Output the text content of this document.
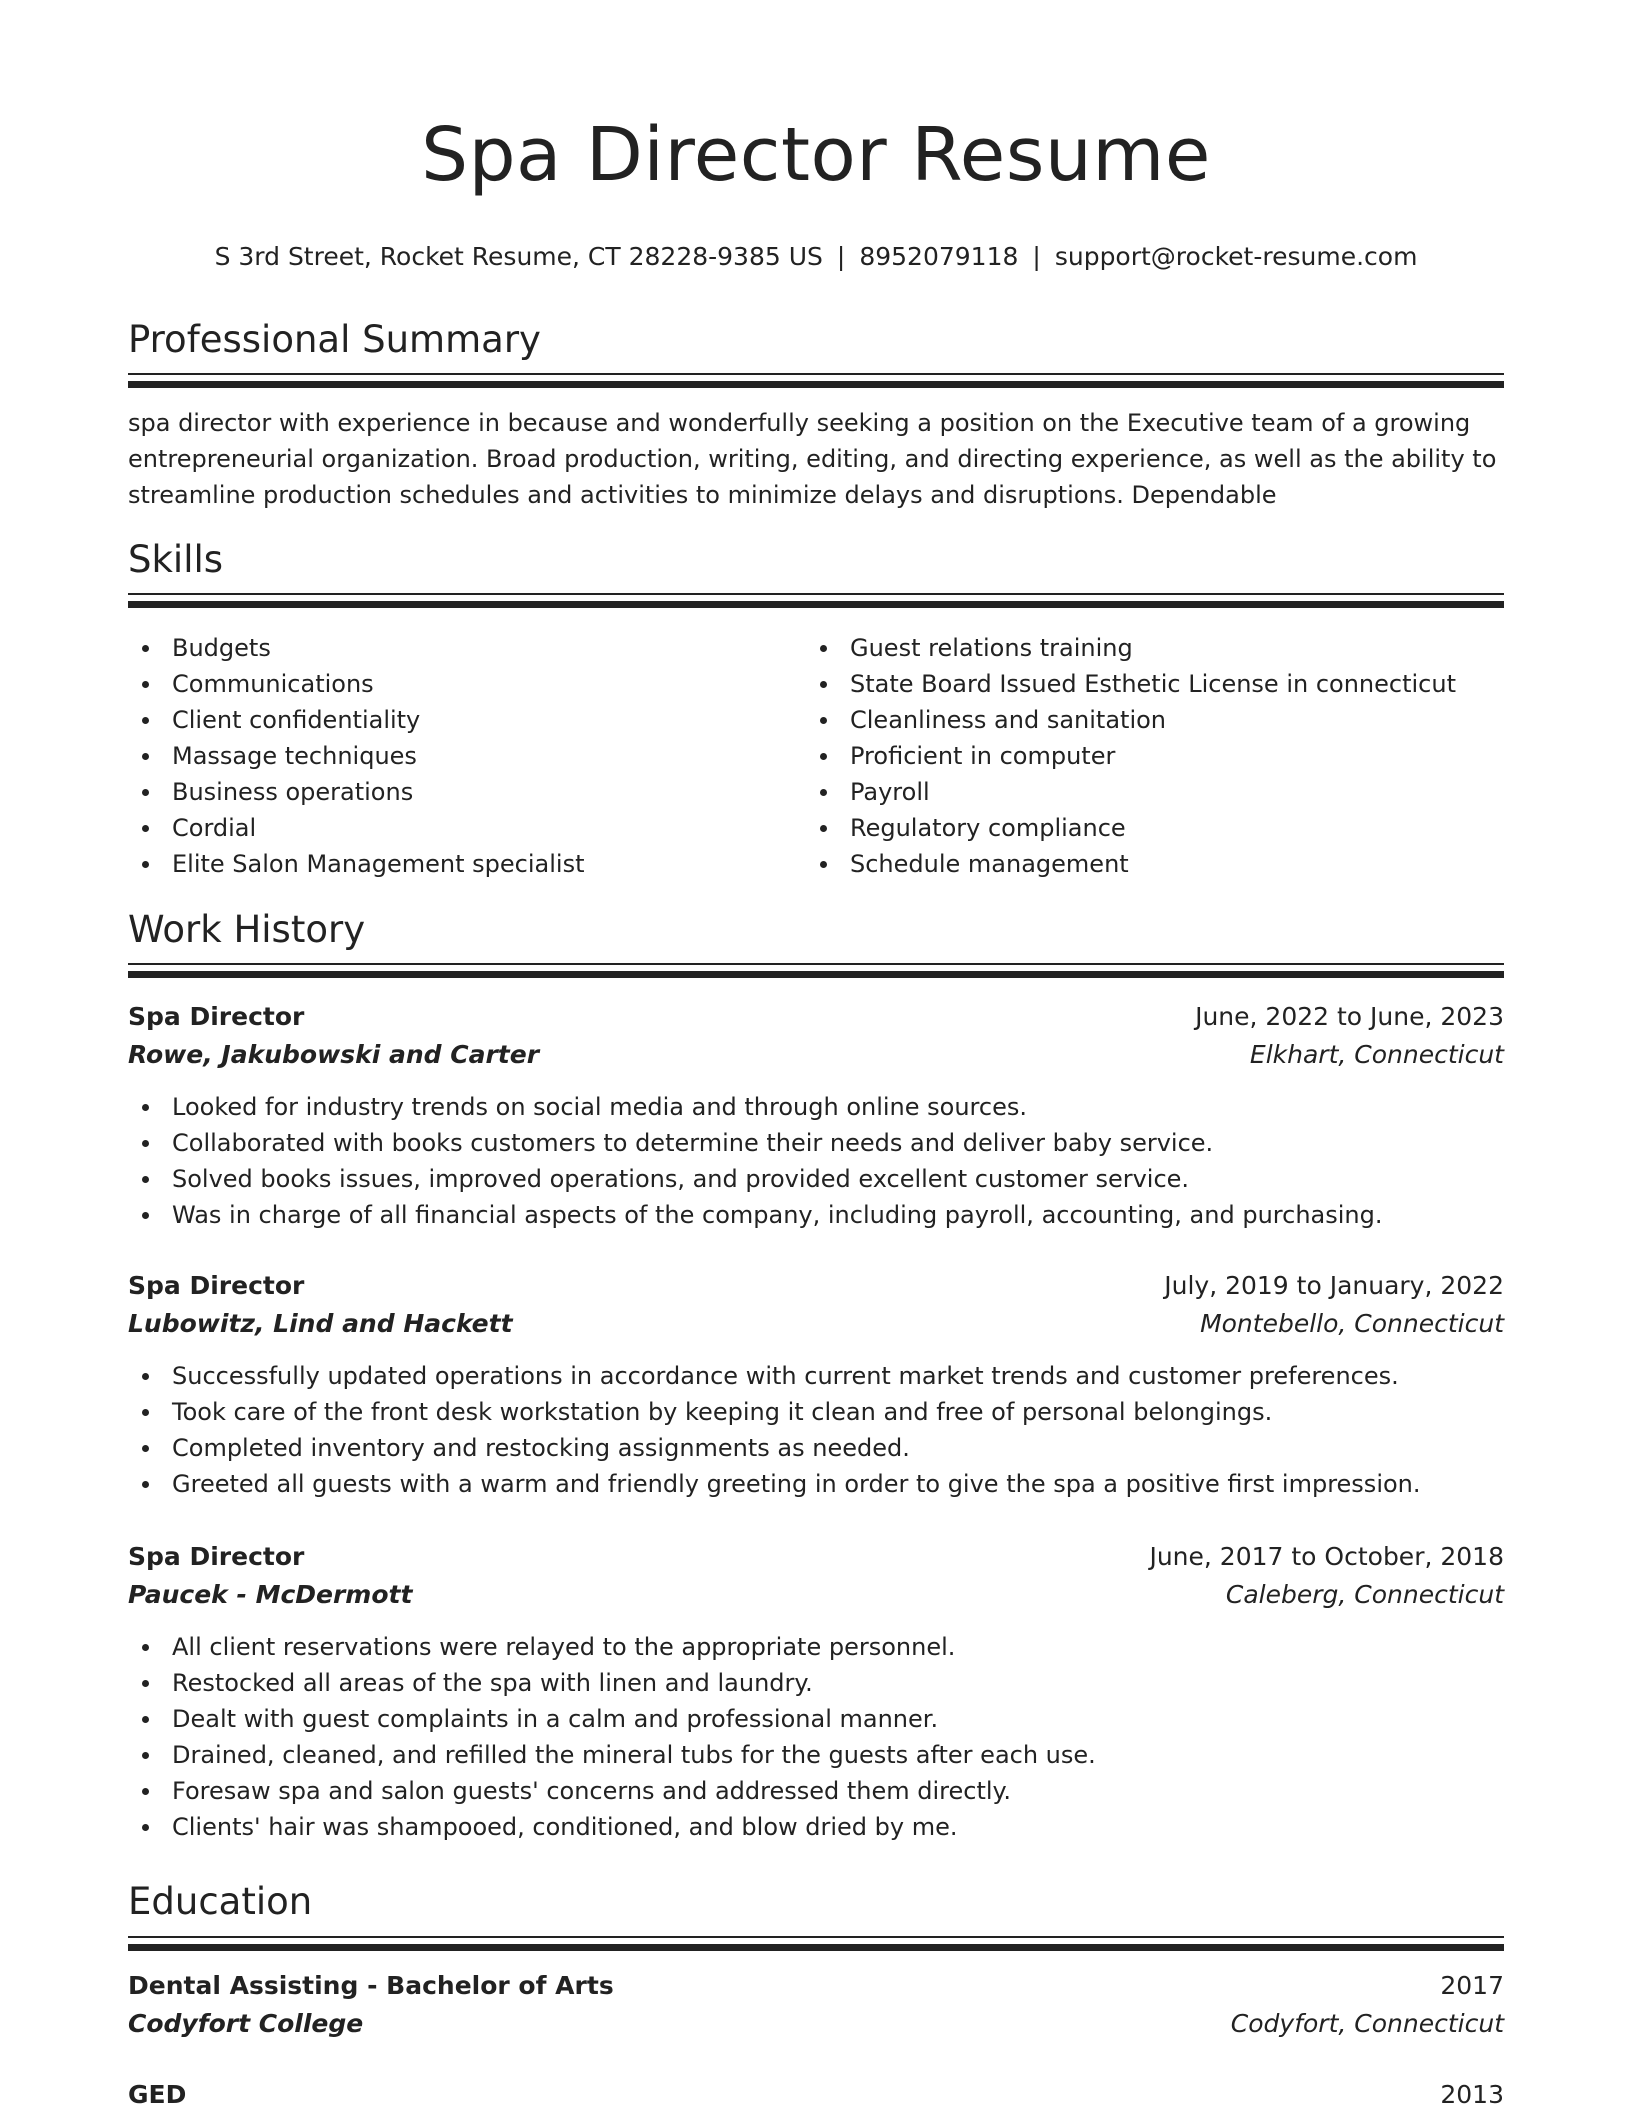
Spa Director Resume
S 3rd Street, Rocket Resume, CT 28228-9385 US | 8952079118 | support@rocket-resume.com
Professional Summary

spa director with experience in because and wonderfully seeking a position on the Executive team of a growing entrepreneurial organization. Broad production, writing, editing, and directing experience, as well as the ability to streamline production schedules and activities to minimize delays and disruptions. Dependable

Skills
Budgets
Communications
Client confidentiality
Massage techniques
Business operations
Cordial
Elite Salon Management specialist
Guest relations training
State Board Issued Esthetic License in connecticut
Cleanliness and sanitation
Proficient in computer
Payroll
Regulatory compliance
Schedule management
Work History
Spa Director	June, 2022 to June, 2023
Rowe, Jakubowski and Carter	Elkhart, Connecticut
Looked for industry trends on social media and through online sources.
Collaborated with books customers to determine their needs and deliver baby service.
Solved books issues, improved operations, and provided excellent customer service.
Was in charge of all financial aspects of the company, including payroll, accounting, and purchasing.
Spa Director	July, 2019 to January, 2022
Lubowitz, Lind and Hackett	Montebello, Connecticut
Successfully updated operations in accordance with current market trends and customer preferences.
Took care of the front desk workstation by keeping it clean and free of personal belongings.
Completed inventory and restocking assignments as needed.
Greeted all guests with a warm and friendly greeting in order to give the spa a positive first impression.
Spa Director	June, 2017 to October, 2018
Paucek - McDermott	Caleberg, Connecticut
All client reservations were relayed to the appropriate personnel.
Restocked all areas of the spa with linen and laundry.
Dealt with guest complaints in a calm and professional manner.
Drained, cleaned, and refilled the mineral tubs for the guests after each use.
Foresaw spa and salon guests' concerns and addressed them directly.
Clients' hair was shampooed, conditioned, and blow dried by me.
Education
Dental Assisting - Bachelor of Arts	2017
Codyfort College	Codyfort, Connecticut
GED	2013
